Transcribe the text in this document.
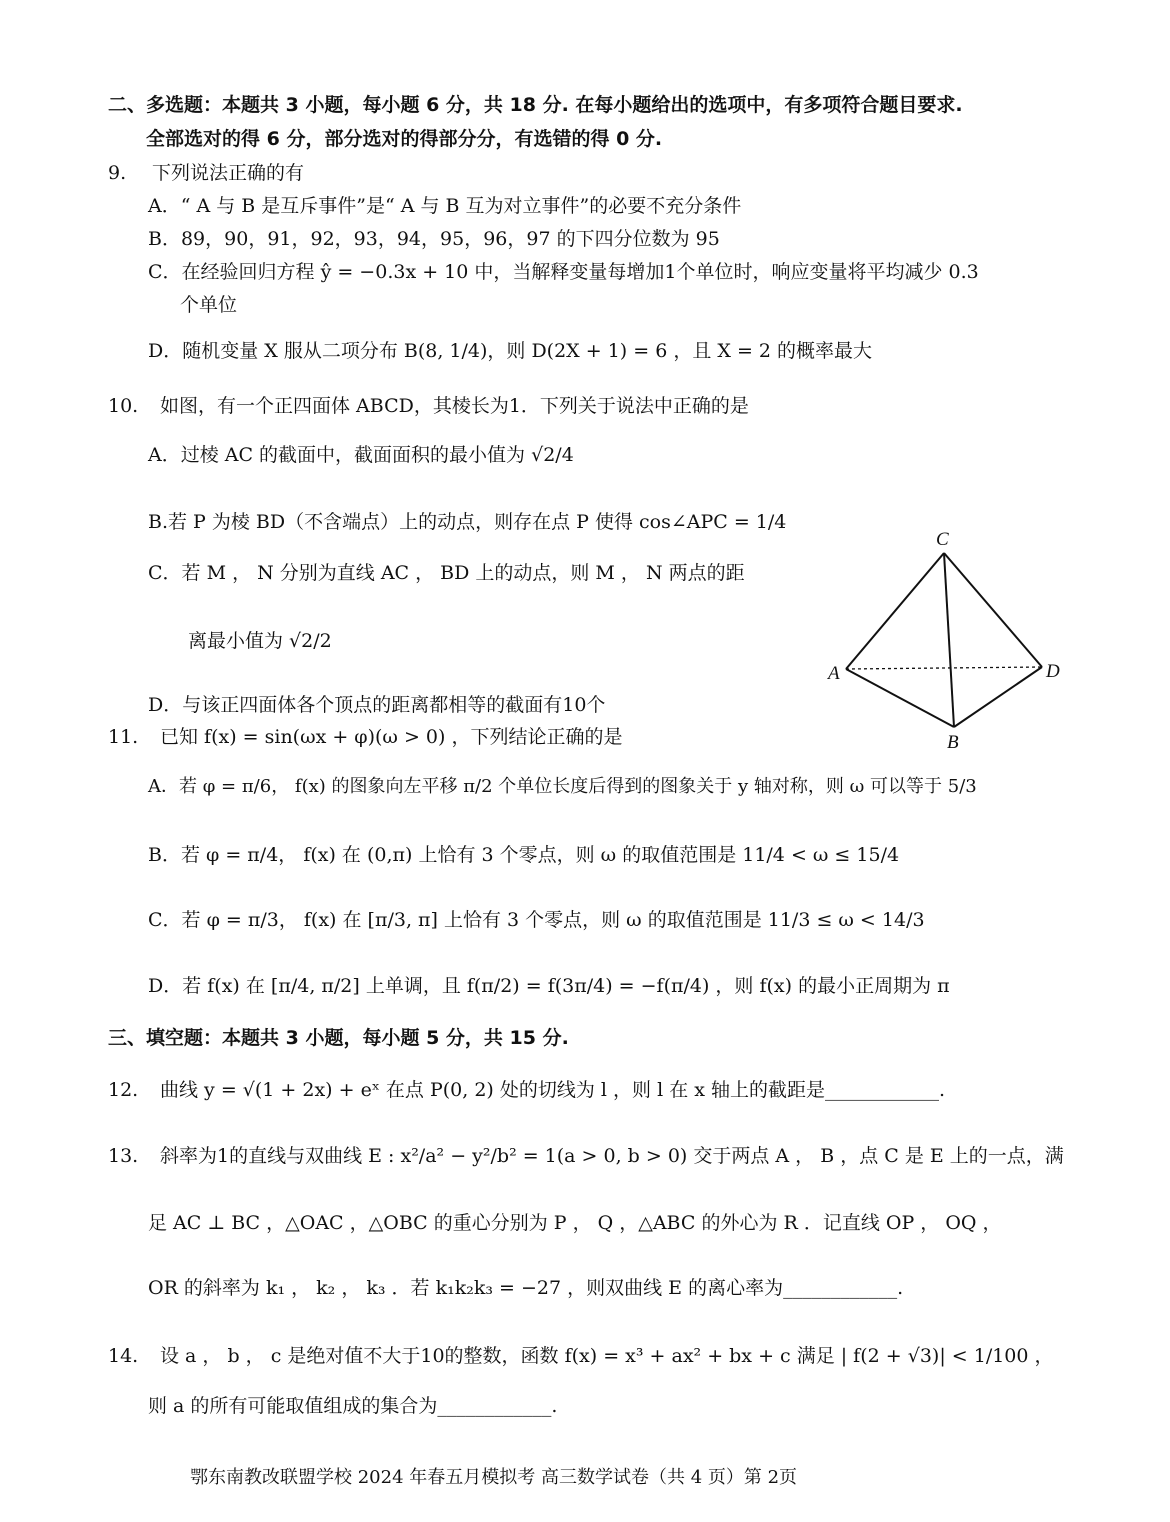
二、多选题：本题共 3 小题，每小题 6 分，共 18 分. 在每小题给出的选项中，有多项符合题目要求.
全部选对的得 6 分，部分选对的得部分分，有选错的得 0 分.
9. 下列说法正确的有
A．“ A 与 B 是互斥事件”是“ A 与 B 互为对立事件”的必要不充分条件
B．89，90，91，92，93，94，95，96，97 的下四分位数为 95
C．在经验回归方程 ŷ = −0.3x + 10 中，当解释变量每增加1个单位时，响应变量将平均减少 0.3
个单位
D．随机变量 X 服从二项分布 B(8, 1/4)，则 D(2X + 1) = 6 ，且 X = 2 的概率最大
10. 如图，有一个正四面体 ABCD，其棱长为1．下列关于说法中正确的是
A．过棱 AC 的截面中，截面面积的最小值为 √2/4
B.若 P 为棱 BD（不含端点）上的动点，则存在点 P 使得 cos∠APC = 1/4
C．若 M ， N 分别为直线 AC ， BD 上的动点，则 M ， N 两点的距
离最小值为 √2/2
D．与该正四面体各个顶点的距离都相等的截面有10个
C
A	D
B
11. 已知 f(x) = sin(ωx + φ)(ω > 0) ，下列结论正确的是
A．若 φ = π/6， f(x) 的图象向左平移 π/2 个单位长度后得到的图象关于 y 轴对称，则 ω 可以等于 5/3
B．若 φ = π/4， f(x) 在 (0,π) 上恰有 3 个零点，则 ω 的取值范围是 11/4 < ω ≤ 15/4
C．若 φ = π/3， f(x) 在 [π/3, π] 上恰有 3 个零点，则 ω 的取值范围是 11/3 ≤ ω < 14/3
D．若 f(x) 在 [π/4, π/2] 上单调，且 f(π/2) = f(3π/4) = −f(π/4) ，则 f(x) 的最小正周期为 π
三、填空题：本题共 3 小题，每小题 5 分，共 15 分.
12. 曲线 y = √(1 + 2x) + eˣ 在点 P(0, 2) 处的切线为 l ，则 l 在 x 轴上的截距是____________.
13. 斜率为1的直线与双曲线 E : x²/a² − y²/b² = 1(a > 0, b > 0) 交于两点 A ， B ，点 C 是 E 上的一点，满
足 AC ⊥ BC ，△OAC ，△OBC 的重心分别为 P ， Q ，△ABC 的外心为 R ．记直线 OP ， OQ ，
OR 的斜率为 k₁ ， k₂ ， k₃ ．若 k₁k₂k₃ = −27 ，则双曲线 E 的离心率为____________.
14. 设 a ， b ， c 是绝对值不大于10的整数，函数 f(x) = x³ + ax² + bx + c 满足 | f(2 + √3)| < 1/100 ，
则 a 的所有可能取值组成的集合为____________.
鄂东南教改联盟学校 2024 年春五月模拟考 高三数学试卷（共 4 页）第 2页
